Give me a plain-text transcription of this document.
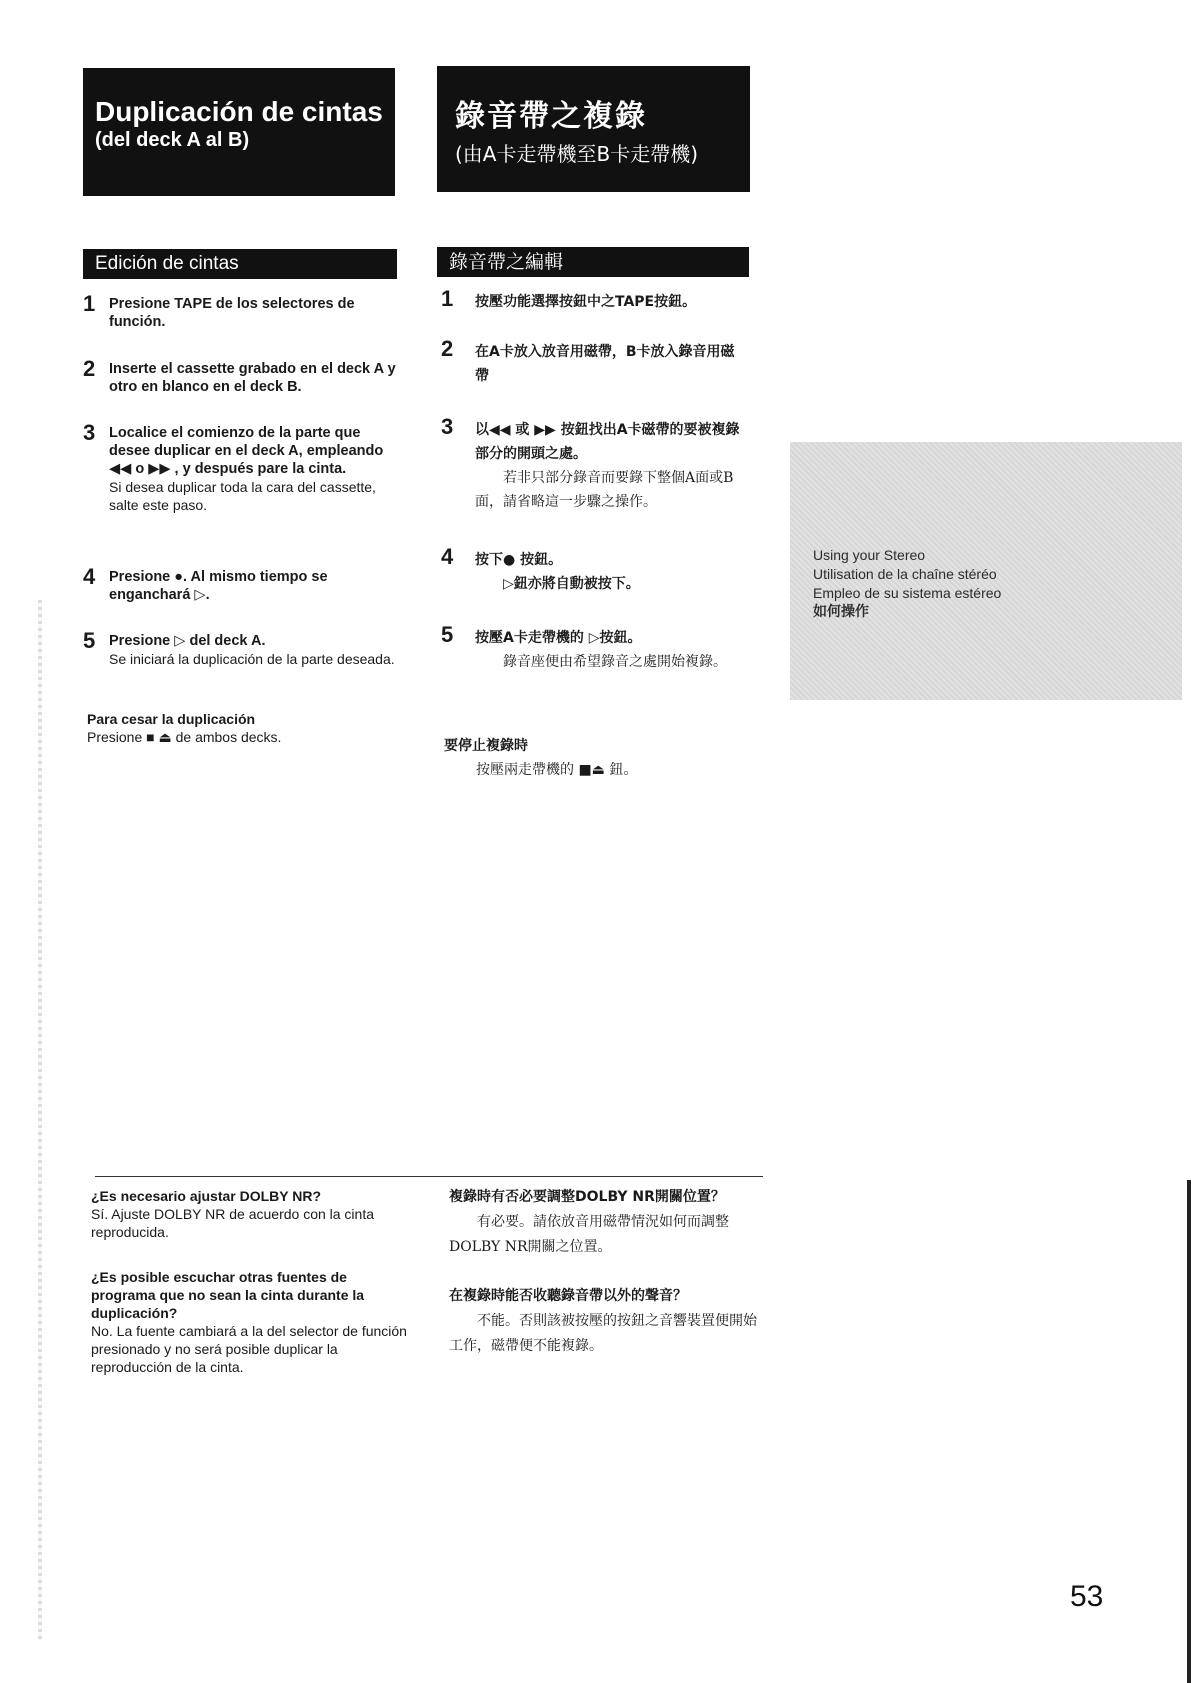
Duplicación de cintas
(del deck A al B)
錄音帶之複錄
(由A卡走帶機至B卡走帶機)
Edición de cintas	錄音帶之編輯
1 Presione TAPE de los selectores de función.
2 Inserte el cassette grabado en el deck A y otro en blanco en el deck B.
3 Localice el comienzo de la parte que desee duplicar en el deck A, empleando ◀◀ o ▶▶ , y después pare la cinta.
Si desea duplicar toda la cara del cassette, salte este paso.
4 Presione ●. Al mismo tiempo se enganchará ▷.
5 Presione ▷ del deck A.
Se iniciará la duplicación de la parte deseada.
Para cesar la duplicación
Presione ■ ⏏ de ambos decks.
1 按壓功能選擇按鈕中之TAPE按鈕。
2 在A卡放入放音用磁帶，B卡放入錄音用磁帶
3 以◀◀ 或 ▶▶ 按鈕找出A卡磁帶的要被複錄部分的開頭之處。
若非只部分錄音而要錄下整個A面或B面，請省略這一步驟之操作。
4 按下● 按鈕。
▷鈕亦將自動被按下。
5 按壓A卡走帶機的 ▷按鈕。
錄音座便由希望錄音之處開始複錄。
要停止複錄時
按壓兩走帶機的 ■⏏ 鈕。
Using your Stereo
Utilisation de la chaîne stéréo
Empleo de su sistema estéreo
如何操作
¿Es necesario ajustar DOLBY NR?
Sí. Ajuste DOLBY NR de acuerdo con la cinta reproducida.
¿Es posible escuchar otras fuentes de programa que no sean la cinta durante la duplicación?
No. La fuente cambiará a la del selector de función presionado y no será posible duplicar la reproducción de la cinta.
複錄時有否必要調整DOLBY NR開關位置？
有必要。請依放音用磁帶情況如何而調整DOLBY NR開關之位置。
在複錄時能否收聽錄音帶以外的聲音？
不能。否則該被按壓的按鈕之音響裝置便開始工作，磁帶便不能複錄。
53
